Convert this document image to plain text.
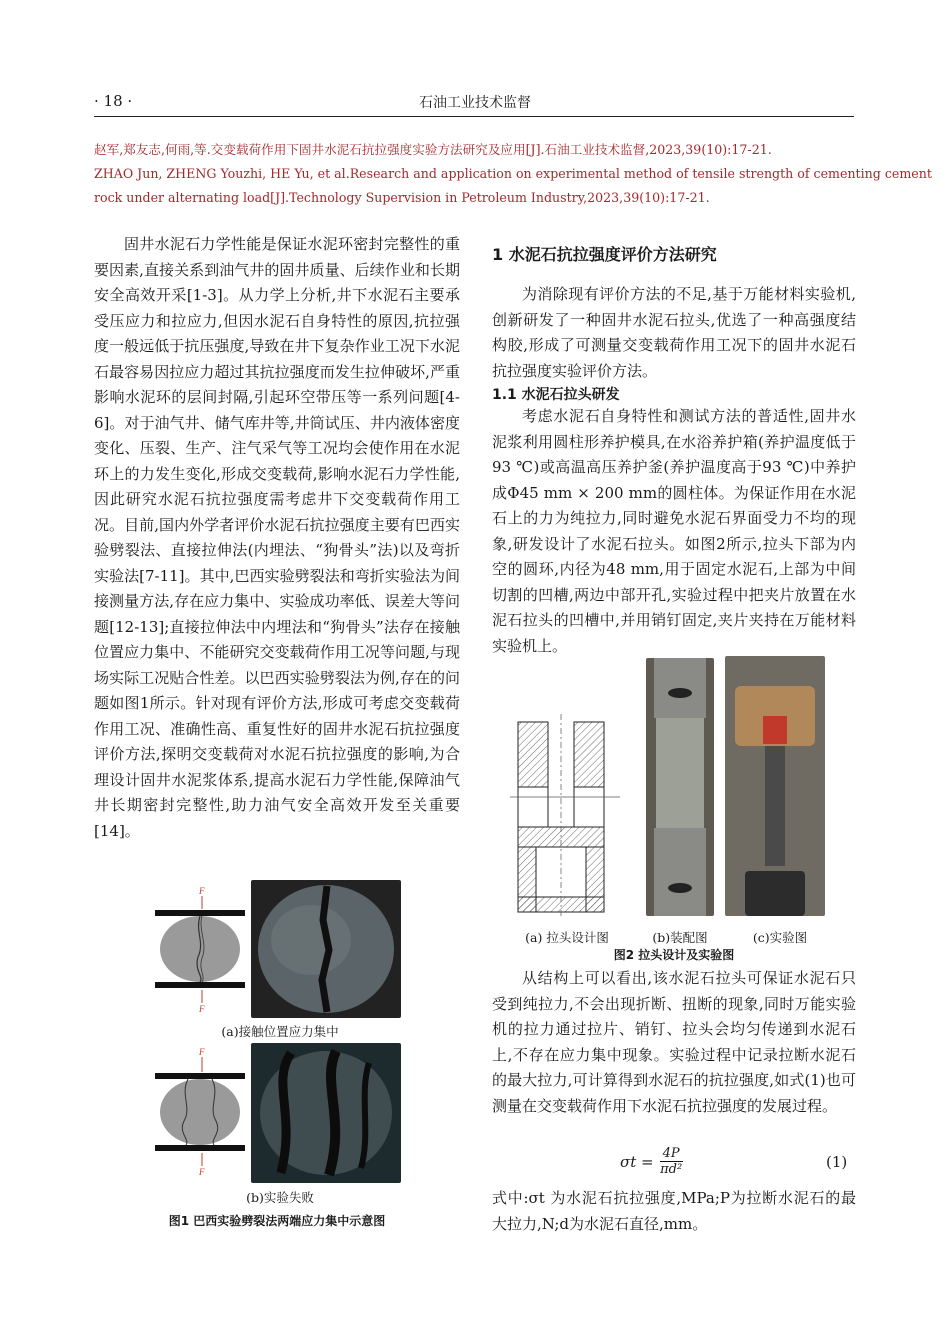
· 18 ·	石油工业技术监督
赵军,郑友志,何雨,等.交变载荷作用下固井水泥石抗拉强度实验方法研究及应用[J].石油工业技术监督,2023,39(10):17-21.
ZHAO Jun, ZHENG Youzhi, HE Yu, et al.Research and application on experimental method of tensile strength of cementing cement
rock under alternating load[J].Technology Supervision in Petroleum Industry,2023,39(10):17-21.

固井水泥石力学性能是保证水泥环密封完整性的重要因素,直接关系到油气井的固井质量、后续作业和长期安全高效开采[1-3]。从力学上分析,井下水泥石主要承受压应力和拉应力,但因水泥石自身特性的原因,抗拉强度一般远低于抗压强度,导致在井下复杂作业工况下水泥石最容易因拉应力超过其抗拉强度而发生拉伸破坏,严重影响水泥环的层间封隔,引起环空带压等一系列问题[4-6]。对于油气井、储气库井等,井筒试压、井内液体密度变化、压裂、生产、注气采气等工况均会使作用在水泥环上的力发生变化,形成交变载荷,影响水泥石力学性能,因此研究水泥石抗拉强度需考虑井下交变载荷作用工况。目前,国内外学者评价水泥石抗拉强度主要有巴西实验劈裂法、直接拉伸法(内埋法、“狗骨头”法)以及弯折实验法[7-11]。其中,巴西实验劈裂法和弯折实验法为间接测量方法,存在应力集中、实验成功率低、误差大等问题[12-13];直接拉伸法中内埋法和“狗骨头”法存在接触位置应力集中、不能研究交变载荷作用工况等问题,与现场实际工况贴合性差。以巴西实验劈裂法为例,存在的问题如图1所示。针对现有评价方法,形成可考虑交变载荷作用工况、准确性高、重复性好的固井水泥石抗拉强度评价方法,探明交变载荷对水泥石抗拉强度的影响,为合理设计固井水泥浆体系,提高水泥石力学性能,保障油气井长期密封完整性,助力油气安全高效开发至关重要[14]。

F
F
(a)接触位置应力集中
F
F
(b)实验失败
图1 巴西实验劈裂法两端应力集中示意图
1 水泥石抗拉强度评价方法研究

为消除现有评价方法的不足,基于万能材料实验机,创新研发了一种固井水泥石拉头,优选了一种高强度结构胶,形成了可测量交变载荷作用工况下的固井水泥石抗拉强度实验评价方法。

1.1 水泥石拉头研发

考虑水泥石自身特性和测试方法的普适性,固井水泥浆利用圆柱形养护模具,在水浴养护箱(养护温度低于93 ℃)或高温高压养护釜(养护温度高于93 ℃)中养护成Φ45 mm × 200 mm的圆柱体。为保证作用在水泥石上的力为纯拉力,同时避免水泥石界面受力不均的现象,研发设计了水泥石拉头。如图2所示,拉头下部为内空的圆环,内径为48 mm,用于固定水泥石,上部为中间切割的凹槽,两边中部开孔,实验过程中把夹片放置在水泥石拉头的凹槽中,并用销钉固定,夹片夹持在万能材料实验机上。

(a) 拉头设计图	(b)装配图	(c)实验图
图2 拉头设计及实验图

从结构上可以看出,该水泥石拉头可保证水泥石只受到纯拉力,不会出现折断、扭断的现象,同时万能实验机的拉力通过拉片、销钉、拉头会均匀传递到水泥石上,不存在应力集中现象。实验过程中记录拉断水泥石的最大拉力,可计算得到水泥石的抗拉强度,如式(1)也可测量在交变载荷作用下水泥石抗拉强度的发展过程。

$\sigma t = \frac{4P}{\text{πd²}}$	(1)

式中:σt 为水泥石抗拉强度,MPa;P为拉断水泥石的最大拉力,N;d为水泥石直径,mm。
